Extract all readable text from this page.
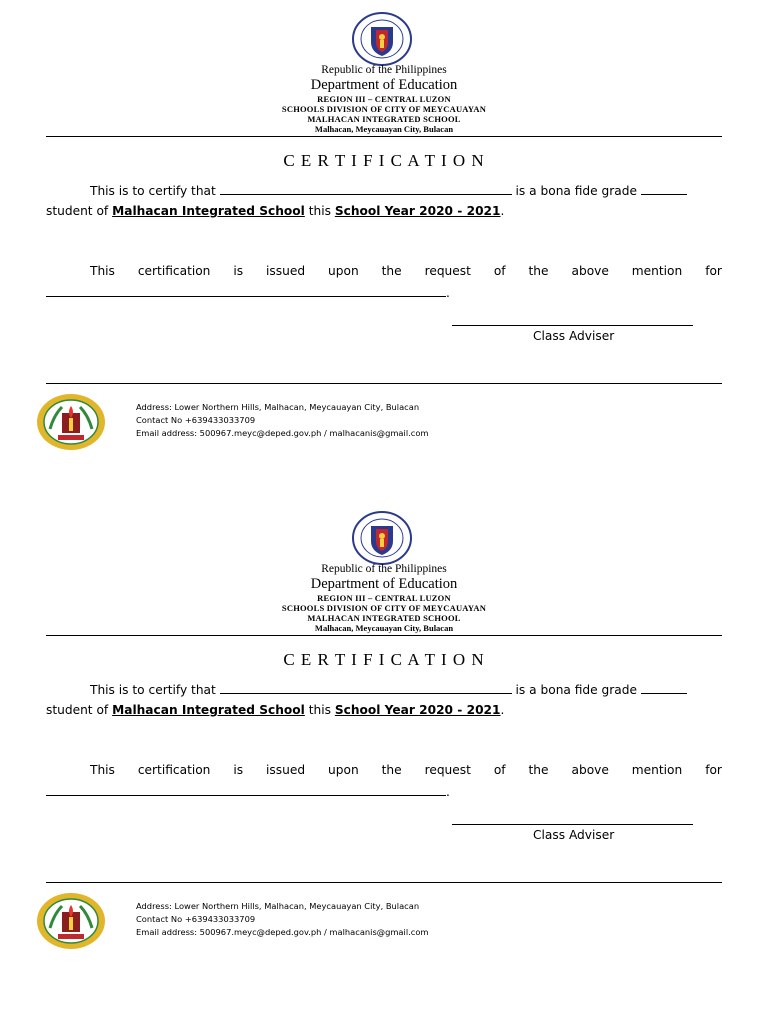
Republic of the Philippines
Department of Education
REGION III – CENTRAL LUZON
SCHOOLS DIVISION OF CITY OF MEYCAUAYAN
MALHACAN INTEGRATED SCHOOL
Malhacan, Meycauayan City, Bulacan
C E R T I F I C A T I O N
This is to certify that	is a bona fide grade
student of Malhacan Integrated School this School Year 2020 - 2021.
This certification is issued upon the request of the above mention for
.
Class Adviser
Address: Lower Northern Hills, Malhacan, Meycauayan City, Bulacan
Contact No +639433033709
Email address: 500967.meyc@deped.gov.ph / malhacanis@gmail.com
Republic of the Philippines
Department of Education
REGION III – CENTRAL LUZON
SCHOOLS DIVISION OF CITY OF MEYCAUAYAN
MALHACAN INTEGRATED SCHOOL
Malhacan, Meycauayan City, Bulacan
C E R T I F I C A T I O N
This is to certify that	is a bona fide grade
student of Malhacan Integrated School this School Year 2020 - 2021.
This certification is issued upon the request of the above mention for
.
Class Adviser
Address: Lower Northern Hills, Malhacan, Meycauayan City, Bulacan
Contact No +639433033709
Email address: 500967.meyc@deped.gov.ph / malhacanis@gmail.com
